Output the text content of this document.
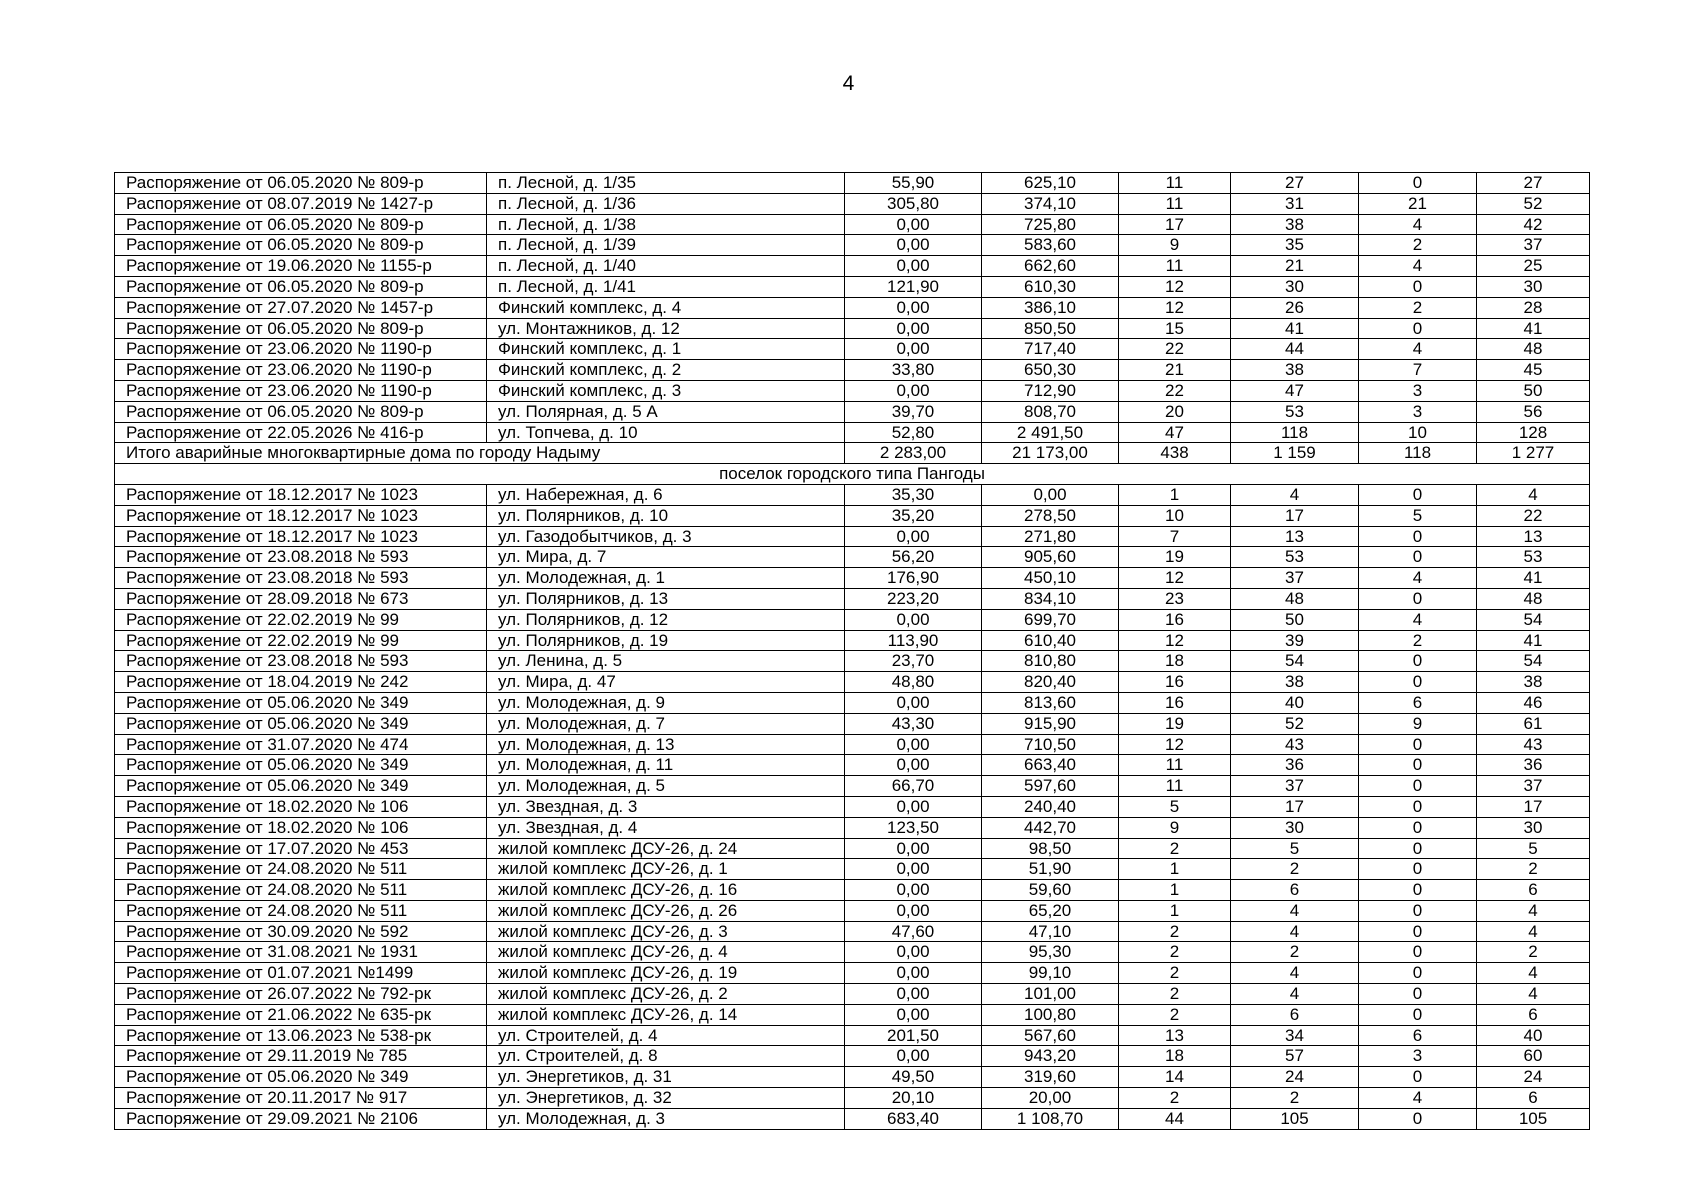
4
Распоряжение от 06.05.2020 № 809-р	п. Лесной, д. 1/35	55,90	625,10	11	27	0	27
Распоряжение от 08.07.2019 № 1427-р	п. Лесной, д. 1/36	305,80	374,10	11	31	21	52
Распоряжение от 06.05.2020 № 809-р	п. Лесной, д. 1/38	0,00	725,80	17	38	4	42
Распоряжение от 06.05.2020 № 809-р	п. Лесной, д. 1/39	0,00	583,60	9	35	2	37
Распоряжение от 19.06.2020 № 1155-р	п. Лесной, д. 1/40	0,00	662,60	11	21	4	25
Распоряжение от 06.05.2020 № 809-р	п. Лесной, д. 1/41	121,90	610,30	12	30	0	30
Распоряжение от 27.07.2020 № 1457-р	Финский комплекс, д. 4	0,00	386,10	12	26	2	28
Распоряжение от 06.05.2020 № 809-р	ул. Монтажников, д. 12	0,00	850,50	15	41	0	41
Распоряжение от 23.06.2020 № 1190-р	Финский комплекс, д. 1	0,00	717,40	22	44	4	48
Распоряжение от 23.06.2020 № 1190-р	Финский комплекс, д. 2	33,80	650,30	21	38	7	45
Распоряжение от 23.06.2020 № 1190-р	Финский комплекс, д. 3	0,00	712,90	22	47	3	50
Распоряжение от 06.05.2020 № 809-р	ул. Полярная, д. 5 А	39,70	808,70	20	53	3	56
Распоряжение от 22.05.2026 № 416-р	ул. Топчева, д. 10	52,80	2 491,50	47	118	10	128
Итого аварийные многоквартирные дома по городу Надыму		2 283,00	21 173,00	438	1 159	118	1 277
поселок городского типа Пангоды							
Распоряжение от 18.12.2017 № 1023	ул. Набережная, д. 6	35,30	0,00	1	4	0	4
Распоряжение от 18.12.2017 № 1023	ул. Полярников, д. 10	35,20	278,50	10	17	5	22
Распоряжение от 18.12.2017 № 1023	ул. Газодобытчиков, д. 3	0,00	271,80	7	13	0	13
Распоряжение от 23.08.2018 № 593	ул. Мира, д. 7	56,20	905,60	19	53	0	53
Распоряжение от 23.08.2018 № 593	ул. Молодежная, д. 1	176,90	450,10	12	37	4	41
Распоряжение от 28.09.2018 № 673	ул. Полярников, д. 13	223,20	834,10	23	48	0	48
Распоряжение от 22.02.2019 № 99	ул. Полярников, д. 12	0,00	699,70	16	50	4	54
Распоряжение от 22.02.2019 № 99	ул. Полярников, д. 19	113,90	610,40	12	39	2	41
Распоряжение от 23.08.2018 № 593	ул. Ленина, д. 5	23,70	810,80	18	54	0	54
Распоряжение от 18.04.2019 № 242	ул. Мира, д. 47	48,80	820,40	16	38	0	38
Распоряжение от 05.06.2020 № 349	ул. Молодежная, д. 9	0,00	813,60	16	40	6	46
Распоряжение от 05.06.2020 № 349	ул. Молодежная, д. 7	43,30	915,90	19	52	9	61
Распоряжение от 31.07.2020 № 474	ул. Молодежная, д. 13	0,00	710,50	12	43	0	43
Распоряжение от 05.06.2020 № 349	ул. Молодежная, д. 11	0,00	663,40	11	36	0	36
Распоряжение от 05.06.2020 № 349	ул. Молодежная, д. 5	66,70	597,60	11	37	0	37
Распоряжение от 18.02.2020 № 106	ул. Звездная, д. 3	0,00	240,40	5	17	0	17
Распоряжение от 18.02.2020 № 106	ул. Звездная, д. 4	123,50	442,70	9	30	0	30
Распоряжение от 17.07.2020 № 453	жилой комплекс ДСУ-26, д. 24	0,00	98,50	2	5	0	5
Распоряжение от 24.08.2020 № 511	жилой комплекс ДСУ-26, д. 1	0,00	51,90	1	2	0	2
Распоряжение от 24.08.2020 № 511	жилой комплекс ДСУ-26, д. 16	0,00	59,60	1	6	0	6
Распоряжение от 24.08.2020 № 511	жилой комплекс ДСУ-26, д. 26	0,00	65,20	1	4	0	4
Распоряжение от 30.09.2020 № 592	жилой комплекс ДСУ-26, д. 3	47,60	47,10	2	4	0	4
Распоряжение от 31.08.2021 № 1931	жилой комплекс ДСУ-26, д. 4	0,00	95,30	2	2	0	2
Распоряжение от 01.07.2021 №1499	жилой комплекс ДСУ-26, д. 19	0,00	99,10	2	4	0	4
Распоряжение от 26.07.2022 № 792-рк	жилой комплекс ДСУ-26, д. 2	0,00	101,00	2	4	0	4
Распоряжение от 21.06.2022 № 635-рк	жилой комплекс ДСУ-26, д. 14	0,00	100,80	2	6	0	6
Распоряжение от 13.06.2023 № 538-рк	ул. Строителей, д. 4	201,50	567,60	13	34	6	40
Распоряжение от 29.11.2019 № 785	ул. Строителей, д. 8	0,00	943,20	18	57	3	60
Распоряжение от 05.06.2020 № 349	ул. Энергетиков, д. 31	49,50	319,60	14	24	0	24
Распоряжение от 20.11.2017 № 917	ул. Энергетиков, д. 32	20,10	20,00	2	2	4	6
Распоряжение от 29.09.2021 № 2106	ул. Молодежная, д. 3	683,40	1 108,70	44	105	0	105
